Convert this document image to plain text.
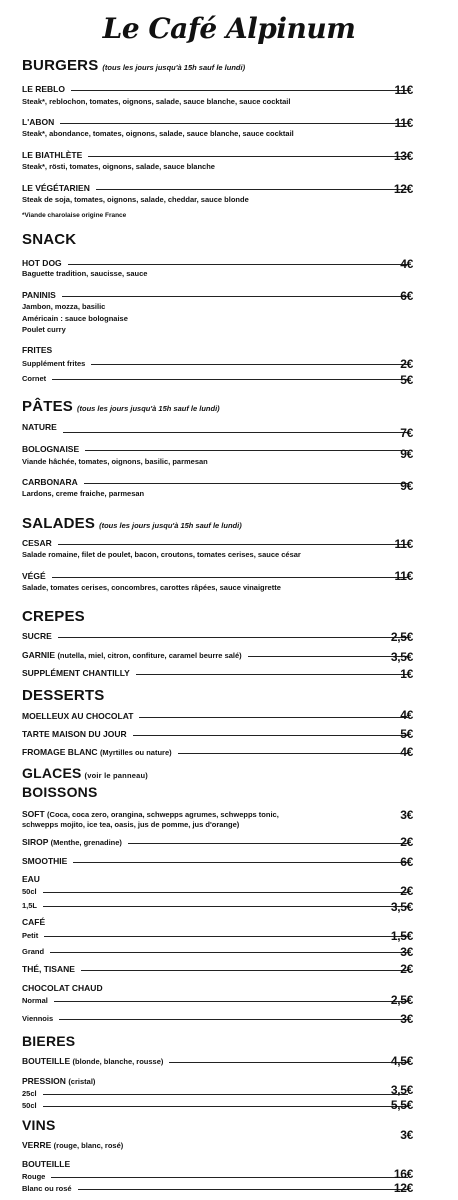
Le Café Alpinum
BURGERS (tous les jours jusqu'à 15h sauf le lundi)
LE REBLO	11€
Steak*, reblochon, tomates, oignons, salade, sauce blanche, sauce cocktail
L'ABON	11€
Steak*, abondance, tomates, oignons, salade, sauce blanche, sauce cocktail
LE BIATHLÈTE	13€
Steak*, rösti, tomates, oignons, salade, sauce blanche
LE VÉGÉTARIEN	12€
Steak de soja, tomates, oignons, salade, cheddar, sauce blonde
*Viande charolaise origine France
SNACK
HOT DOG	4€
Baguette tradition, saucisse, sauce
PANINIS	6€
Jambon, mozza, basilic
Américain : sauce bolognaise
Poulet curry
FRITES
Supplément frites	2€
Cornet	5€
PÂTES (tous les jours jusqu'à 15h sauf le lundi)
NATURE	7€
BOLOGNAISE	9€
Viande hâchée, tomates, oignons, basilic, parmesan
CARBONARA	9€
Lardons, creme fraiche, parmesan
SALADES (tous les jours jusqu'à 15h sauf le lundi)
CESAR	11€
Salade romaine, filet de poulet, bacon, croutons, tomates cerises, sauce césar
VÉGÉ	11€
Salade, tomates cerises, concombres, carottes râpées, sauce vinaigrette
CREPES
SUCRE	2,5€
GARNIE (nutella, miel, citron, confiture, caramel beurre salé)	3,5€
SUPPLÉMENT CHANTILLY	1€
DESSERTS
MOELLEUX AU CHOCOLAT	4€
TARTE MAISON DU JOUR	5€
FROMAGE BLANC (Myrtilles ou nature)	4€
GLACES (voir le panneau)
BOISSONS
SOFT (Coca, coca zero, orangina, schwepps agrumes, schwepps tonic,
schwepps mojito, ice tea, oasis, jus de pomme, jus d'orange)
3€
SIROP (Menthe, grenadine)	2€
SMOOTHIE	6€
EAU
50cl	2€
1,5L	3,5€
CAFÉ
Petit	1,5€
Grand	3€
THÉ, TISANE	2€
CHOCOLAT CHAUD
Normal	2,5€
Viennois	3€
BIERES
BOUTEILLE (blonde, blanche, rousse)	4,5€
PRESSION (cristal)
25cl	3,5€
50cl	5,5€
VINS
VERRE (rouge, blanc, rosé)
3€
BOUTEILLE
Rouge	16€
Blanc ou rosé	12€
